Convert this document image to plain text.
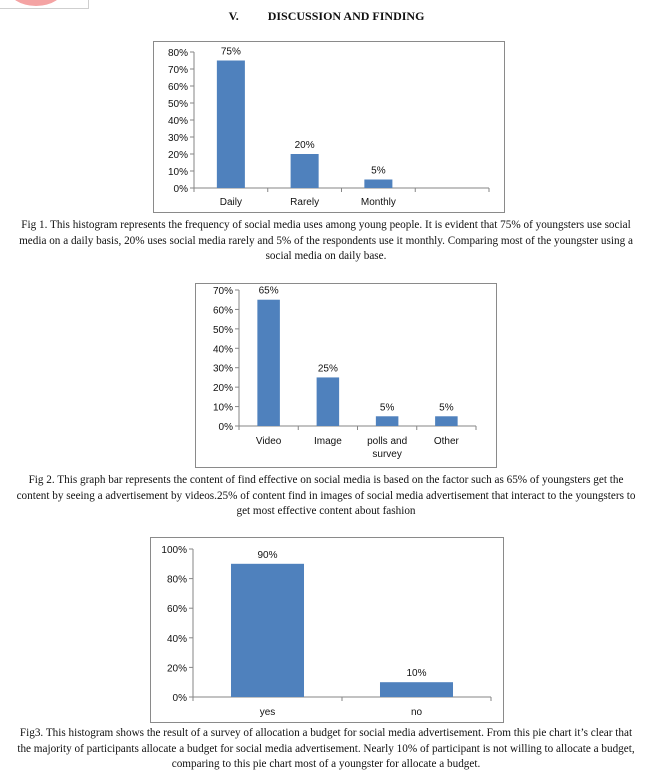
V. DISCUSSION AND FINDING
0%
10%
20%
30%
40%
50%
60%
70%
80%	75%
Daily
20%
Rarely
5%
Monthly
Fig 1. This histogram represents the frequency of social media uses among young people. It is evident that 75% of youngsters use social media on a daily basis, 20% uses social media rarely and 5% of the respondents use it monthly. Comparing most of the youngster using a social media on daily base.
0%
10%
20%
30%
40%
50%
60%
70%	65%
Video
25%
Image
5%
polls and
survey
5%
Other
Fig 2. This graph bar represents the content of find effective on social media is based on the factor such as 65% of youngsters get the content by seeing a advertisement by videos.25% of content find in images of social media advertisement that interact to the youngsters to get most effective content about fashion
0%
20%
40%
60%
80%
100%	90%
yes
10%
no
Fig3. This histogram shows the result of a survey of allocation a budget for social media advertisement. From this pie chart it’s clear that the majority of participants allocate a budget for social media advertisement. Nearly 10% of participant is not willing to allocate a budget, comparing to this pie chart most of a youngster for allocate a budget.
